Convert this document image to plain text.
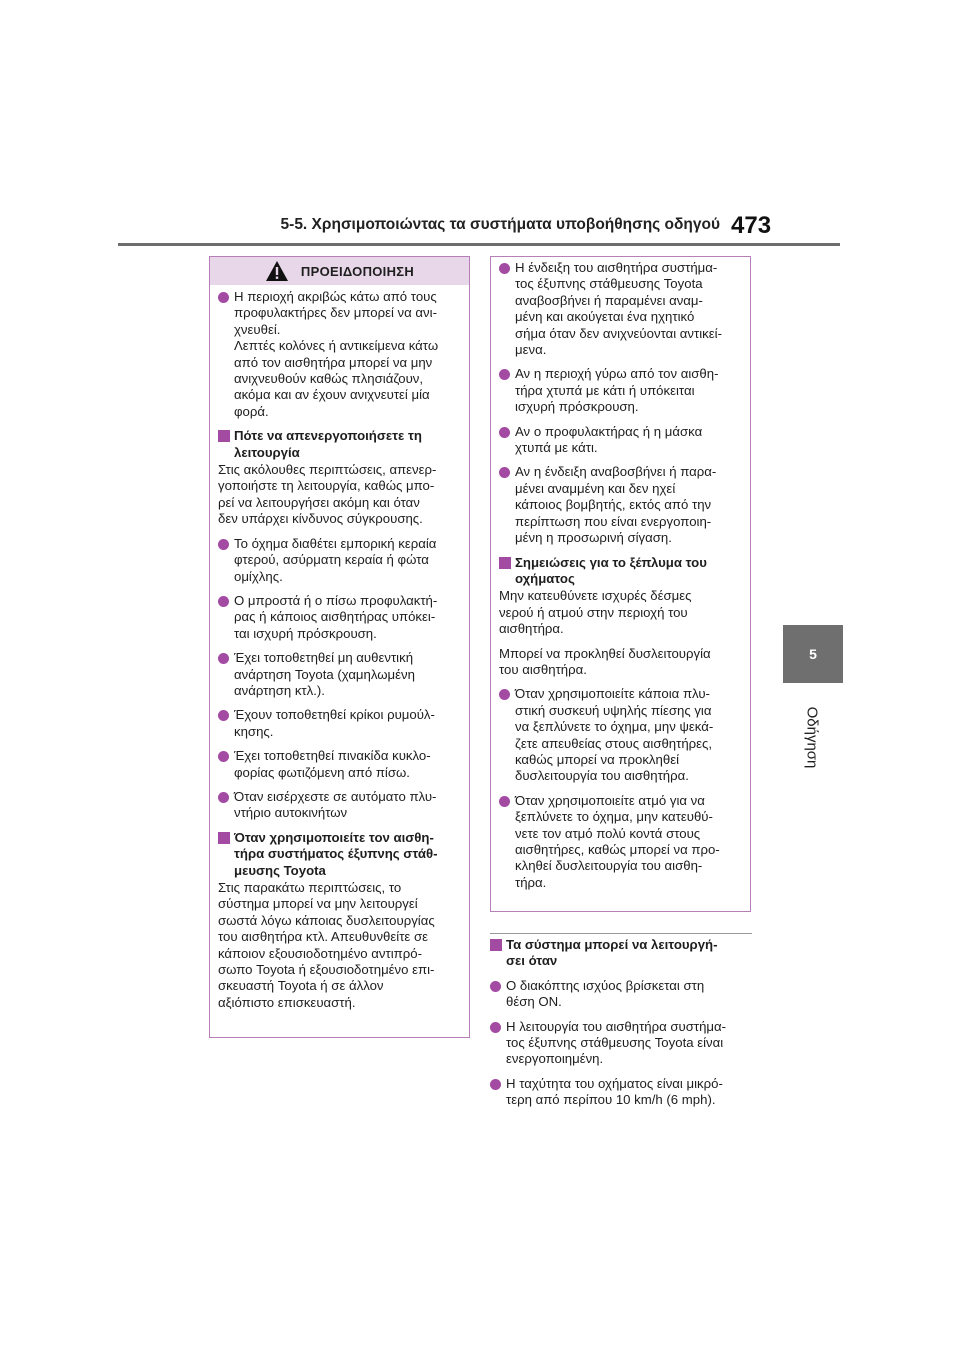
5-5. Χρησιμοποιώντας τα συστήματα υποβοήθησης οδηγού 473
5
Οδήγηση
ΠΡΟΕΙΔΟΠΟΙΗΣΗ
Η περιοχή ακριβώς κάτω από τους
προφυλακτήρες δεν μπορεί να ανι-
χνευθεί.
Λεπτές κολόνες ή αντικείμενα κάτω
από τον αισθητήρα μπορεί να μην
ανιχνευθούν καθώς πλησιάζουν,
ακόμα και αν έχουν ανιχνευτεί μία
φορά.
Πότε να απενεργοποιήσετε τη
λειτουργία
Στις ακόλουθες περιπτώσεις, απενερ-
γοποιήστε τη λειτουργία, καθώς μπο-
ρεί να λειτουργήσει ακόμη και όταν
δεν υπάρχει κίνδυνος σύγκρουσης.
Το όχημα διαθέτει εμπορική κεραία
φτερού, ασύρματη κεραία ή φώτα
ομίχλης.
Ο μπροστά ή ο πίσω προφυλακτή-
ρας ή κάποιος αισθητήρας υπόκει-
ται ισχυρή πρόσκρουση.
Έχει τοποθετηθεί μη αυθεντική
ανάρτηση Toyota (χαμηλωμένη
ανάρτηση κτλ.).
Έχουν τοποθετηθεί κρίκοι ρυμούλ-
κησης.
Έχει τοποθετηθεί πινακίδα κυκλο-
φορίας φωτιζόμενη από πίσω.
Όταν εισέρχεστε σε αυτόματο πλυ-
ντήριο αυτοκινήτων
Όταν χρησιμοποιείτε τον αισθη-
τήρα συστήματος έξυπνης στάθ-
μευσης Toyota
Στις παρακάτω περιπτώσεις, το
σύστημα μπορεί να μην λειτουργεί
σωστά λόγω κάποιας δυσλειτουργίας
του αισθητήρα κτλ. Απευθυνθείτε σε
κάποιον εξουσιοδοτημένο αντιπρό-
σωπο Toyota ή εξουσιοδοτημένο επι-
σκευαστή Toyota ή σε άλλον
αξιόπιστο επισκευαστή.
Η ένδειξη του αισθητήρα συστήμα-
τος έξυπνης στάθμευσης Toyota
αναβοσβήνει ή παραμένει αναμ-
μένη και ακούγεται ένα ηχητικό
σήμα όταν δεν ανιχνεύονται αντικεί-
μενα.
Αν η περιοχή γύρω από τον αισθη-
τήρα χτυπά με κάτι ή υπόκειται
ισχυρή πρόσκρουση.
Αν ο προφυλακτήρας ή η μάσκα
χτυπά με κάτι.
Αν η ένδειξη αναβοσβήνει ή παρα-
μένει αναμμένη και δεν ηχεί
κάποιος βομβητής, εκτός από την
περίπτωση που είναι ενεργοποιη-
μένη η προσωρινή σίγαση.
Σημειώσεις για το ξέπλυμα του
οχήματος
Μην κατευθύνετε ισχυρές δέσμες
νερού ή ατμού στην περιοχή του
αισθητήρα.
Μπορεί να προκληθεί δυσλειτουργία
του αισθητήρα.
Όταν χρησιμοποιείτε κάποια πλυ-
στική συσκευή υψηλής πίεσης για
να ξεπλύνετε το όχημα, μην ψεκά-
ζετε απευθείας στους αισθητήρες,
καθώς μπορεί να προκληθεί
δυσλειτουργία του αισθητήρα.
Όταν χρησιμοποιείτε ατμό για να
ξεπλύνετε το όχημα, μην κατευθύ-
νετε τον ατμό πολύ κοντά στους
αισθητήρες, καθώς μπορεί να προ-
κληθεί δυσλειτουργία του αισθη-
τήρα.
Τα σύστημα μπορεί να λειτουργή-
σει όταν
Ο διακόπτης ισχύος βρίσκεται στη
θέση ON.
Η λειτουργία του αισθητήρα συστήμα-
τος έξυπνης στάθμευσης Toyota είναι
ενεργοποιημένη.
Η ταχύτητα του οχήματος είναι μικρό-
τερη από περίπου 10 km/h (6 mph).
